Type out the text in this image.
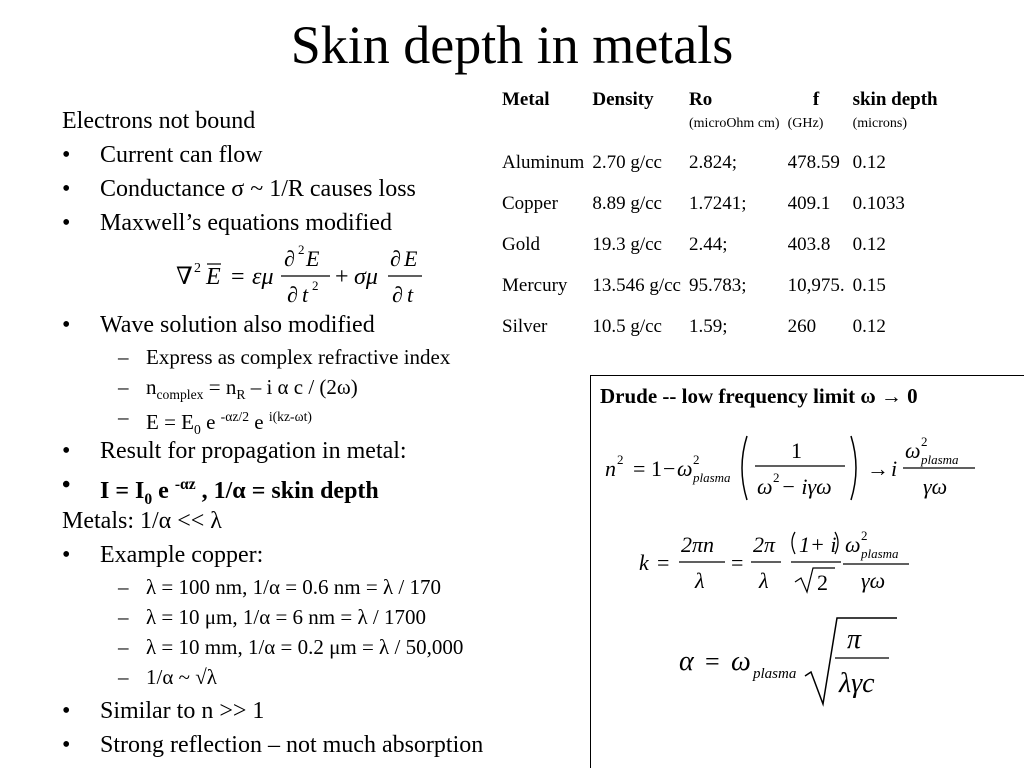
Skin depth in metals
Electrons not bound
• Current can flow
• Conductance σ ~ 1/R causes loss
• Maxwell’s equations modified
∇ 2 E = εμ
∂ 2 E
∂ t 2 + σμ
∂ E
∂ t
• Wave solution also modified
– Express as complex refractive index
– $n_{complex} = n_R - i$ α c / (2ω)
– $E = E_0$ e $^{-\alpha z/2}$ e $^{i(kz-\omega t)}$
• Result for propagation in metal:
• $I = I_0$ e $^{-\alpha z}$ , 1/α = skin depth
Metals: 1/α << λ
• Example copper:
– λ = 100 nm, 1/α = 0.6 nm = λ / 170
– λ = 10 μm, 1/α = 6 nm = λ / 1700
– λ = 10 mm, 1/α = 0.2 μm = λ / 50,000
– 1/α ~ √λ
• Similar to n >> 1
• Strong reflection – not much absorption
Metal	Density	Ro	f	skin depth
		(microOhm cm)	(GHz)	(microns)
Aluminum	2.70 g/cc	2.824;	478.59	0.12
Copper	8.89 g/cc	1.7241;	409.1	0.1033
Gold	19.3 g/cc	2.44;	403.8	0.12
Mercury	13.546 g/cc	95.783;	10,975.	0.15
Silver	10.5 g/cc	1.59;	260	0.12
Drude -- low frequency limit ω → 0
n 2 = 1 − ω 2
plasma
1
ω 2 − iγω
→ i
ω 2
plasma
γω
k =
2πn
λ
=
2π
λ
1+ i
2
ω 2
plasma
γω
α = ω plasma
π
λγc
